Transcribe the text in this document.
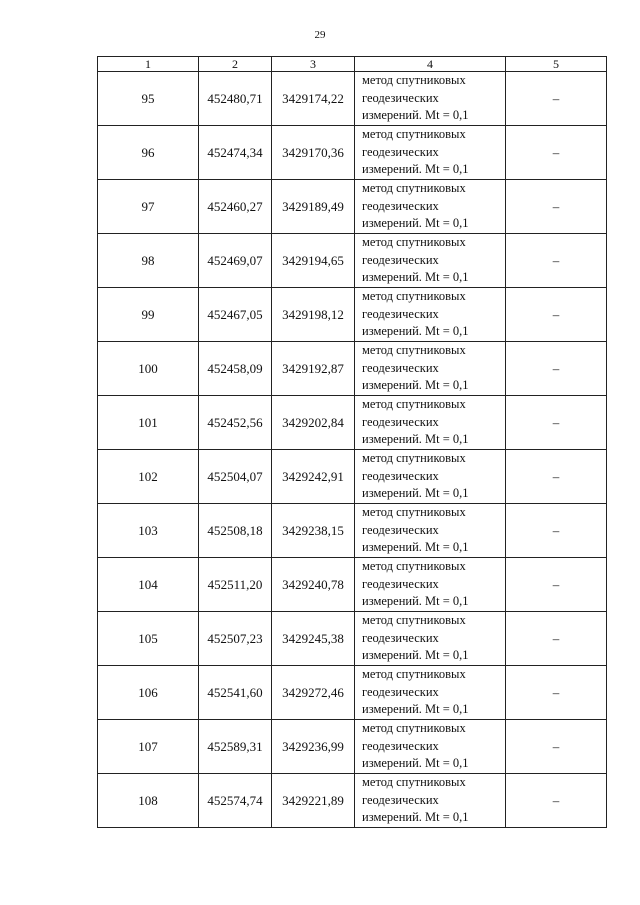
29
1	2	3	4	5
95	452480,71	3429174,22	метод спутниковых
геодезических
измерений. Mt = 0,1	–
96	452474,34	3429170,36	метод спутниковых
геодезических
измерений. Mt = 0,1	–
97	452460,27	3429189,49	метод спутниковых
геодезических
измерений. Mt = 0,1	–
98	452469,07	3429194,65	метод спутниковых
геодезических
измерений. Mt = 0,1	–
99	452467,05	3429198,12	метод спутниковых
геодезических
измерений. Mt = 0,1	–
100	452458,09	3429192,87	метод спутниковых
геодезических
измерений. Mt = 0,1	–
101	452452,56	3429202,84	метод спутниковых
геодезических
измерений. Mt = 0,1	–
102	452504,07	3429242,91	метод спутниковых
геодезических
измерений. Mt = 0,1	–
103	452508,18	3429238,15	метод спутниковых
геодезических
измерений. Mt = 0,1	–
104	452511,20	3429240,78	метод спутниковых
геодезических
измерений. Mt = 0,1	–
105	452507,23	3429245,38	метод спутниковых
геодезических
измерений. Mt = 0,1	–
106	452541,60	3429272,46	метод спутниковых
геодезических
измерений. Mt = 0,1	–
107	452589,31	3429236,99	метод спутниковых
геодезических
измерений. Mt = 0,1	–
108	452574,74	3429221,89	метод спутниковых
геодезических
измерений. Mt = 0,1	–
